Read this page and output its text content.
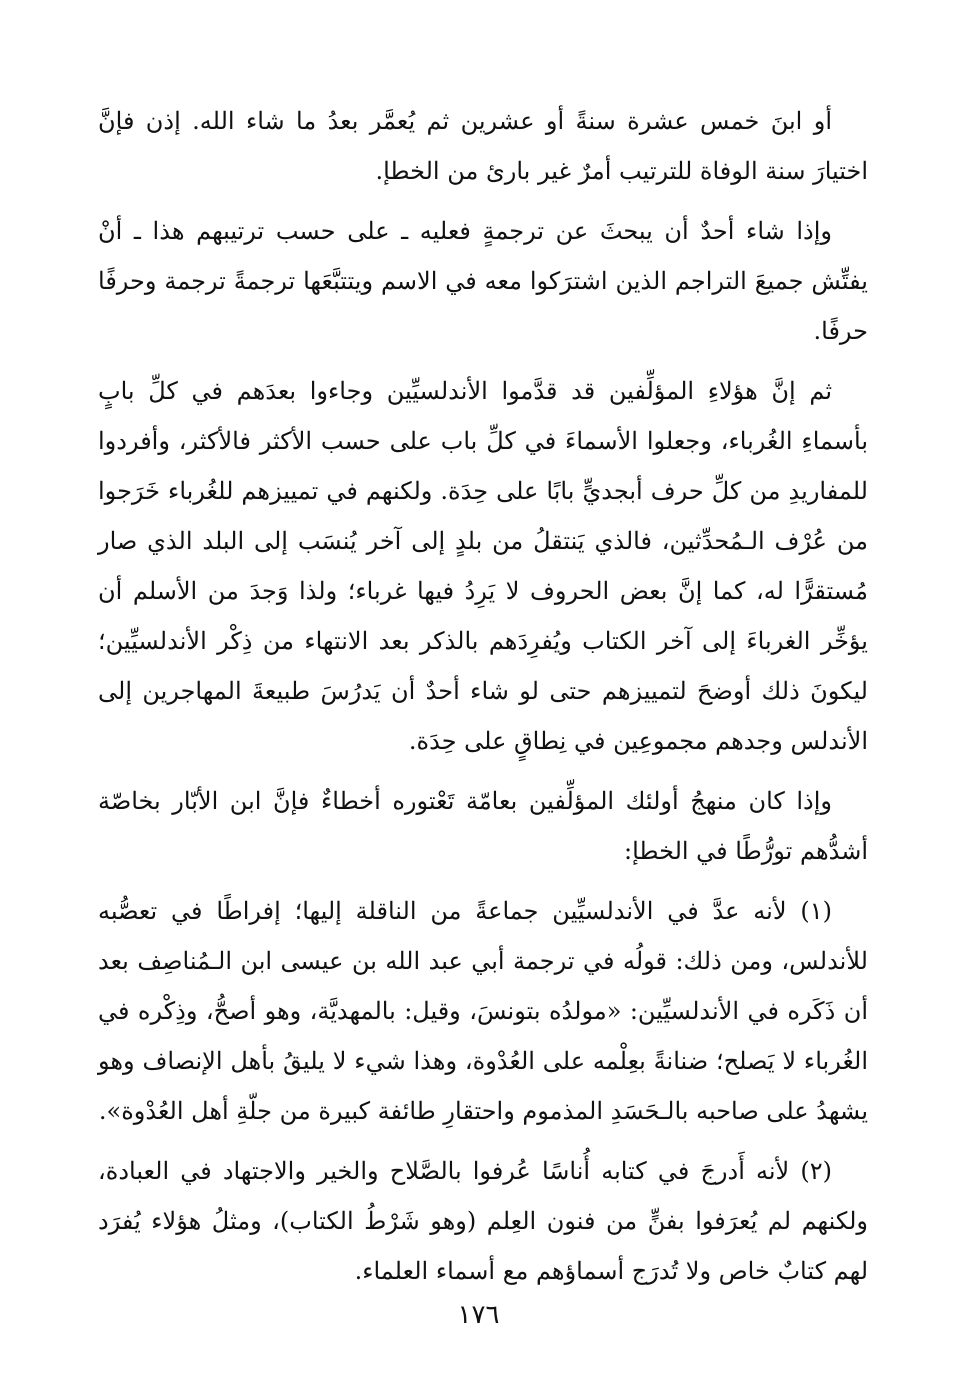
أو ابنَ خمس عشرة سنةً أو عشرين ثم يُعمَّر بعدُ ما شاء الله. إذن فإنَّ اختيارَ سنة الوفاة للترتيب أمرٌ غير بارئ من الخطإ.

وإذا شاء أحدٌ أن يبحثَ عن ترجمةٍ فعليه ـ على حسب ترتيبهم هذا ـ أنْ يفتِّش جميعَ التراجم الذين اشترَكوا معه في الاسم ويتتبَّعَها ترجمةً ترجمة وحرفًا حرفًا.

ثم إنَّ هؤلاءِ المؤلِّفين قد قدَّموا الأندلسيِّين وجاءوا بعدَهم في كلِّ بابٍ بأسماءِ الغُرباء، وجعلوا الأسماءَ في كلِّ باب على حسب الأكثر فالأكثر، وأفردوا للمفاريدِ من كلِّ حرف أبجديٍّ بابًا على حِدَة. ولكنهم في تمييزهم للغُرباء خَرَجوا من عُرْف الـمُحدِّثين، فالذي يَنتقلُ من بلدٍ إلى آخر يُنسَب إلى البلد الذي صار مُستقرًّا له، كما إنَّ بعض الحروف لا يَرِدُ فيها غرباء؛ ولذا وَجدَ من الأسلم أن يؤخِّر الغرباءَ إلى آخر الكتاب ويُفرِدَهم بالذكر بعد الانتهاء من ذِكْر الأندلسيِّين؛ ليكونَ ذلك أوضحَ لتمييزهم حتى لو شاء أحدٌ أن يَدرُسَ طبيعةَ المهاجرين إلى الأندلس وجدهم مجموعِين في نِطاقٍ على حِدَة.

وإذا كان منهجُ أولئك المؤلِّفين بعامّة تَعْتوره أخطاءٌ فإنَّ ابن الأبّار بخاصّة أشدُّهم تورُّطًا في الخطإ:

(١) لأنه عدَّ في الأندلسيِّين جماعةً من الناقلة إليها؛ إفراطًا في تعصُّبه للأندلس، ومن ذلك: قولُه في ترجمة أبي عبد الله بن عيسى ابن الـمُناصِف بعد أن ذَكَره في الأندلسيِّين: «مولدُه بتونسَ، وقيل: بالمهديَّة، وهو أصحُّ، وذِكْره في الغُرباء لا يَصلح؛ ضنانةً بعِلْمه على العُدْوة، وهذا شيء لا يليقُ بأهل الإنصاف وهو يشهدُ على صاحبه بالـحَسَدِ المذموم واحتقارِ طائفة كبيرة من جلّةِ أهل العُدْوة».

(٢) لأنه أَدرجَ في كتابه أُناسًا عُرفوا بالصَّلاح والخير والاجتهاد في العبادة، ولكنهم لم يُعرَفوا بفنٍّ من فنون العِلم (وهو شَرْطُ الكتاب)، ومثلُ هؤلاء يُفرَد لهم كتابٌ خاص ولا تُدرَج أسماؤهم مع أسماء العلماء.

١٧٦
